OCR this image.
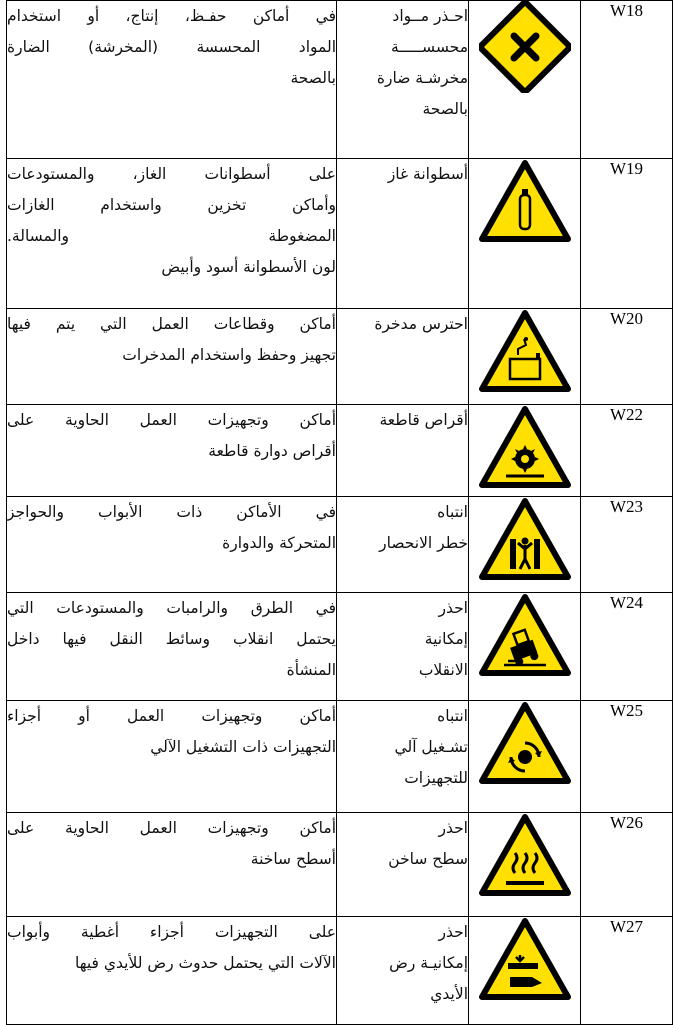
في أماكن حفـظ، إنتاج، أو استخدام
المواد المحسسة (المخرشة) الضارة
بالصحة	احـذر مــواد
محسســـــة
مخرشـة ضارة
بالصحة		W18

على أسطوانات الغاز، والمستودعات
وأماكن تخزين واستخدام الغازات
المضغوطة والمسالة.
لون الأسطوانة أسود وأبيض	أسطوانة غاز		W19

أماكن وقطاعات العمل التي يتم فيها
تجهيز وحفظ واستخدام المدخرات	احترس مدخرة		W20

أماكن وتجهيزات العمل الحاوية على
أقراص دوارة قاطعة	أقراص قاطعة		W22

في الأماكن ذات الأبواب والحواجز
المتحركة والدوارة	انتباه
خطر الانحصار		W23

في الطرق والرامبات والمستودعات التي
يحتمل انقلاب وسائط النقل فيها داخل
المنشأة	احذر
إمكانية
الانقلاب		W24

أماكن وتجهيزات العمل أو أجزاء
التجهيزات ذات التشغيل الآلي	انتباه
تشـغيل آلي
للتجهيزات		W25

أماكن وتجهيزات العمل الحاوية على
أسطح ساخنة	احذر
سطح ساخن		W26

على التجهيزات أجزاء أغطية وأبواب
الآلات التي يحتمل حدوث رض للأيدي فيها	احذر
إمكانيـة رض
الأيدي		W27
